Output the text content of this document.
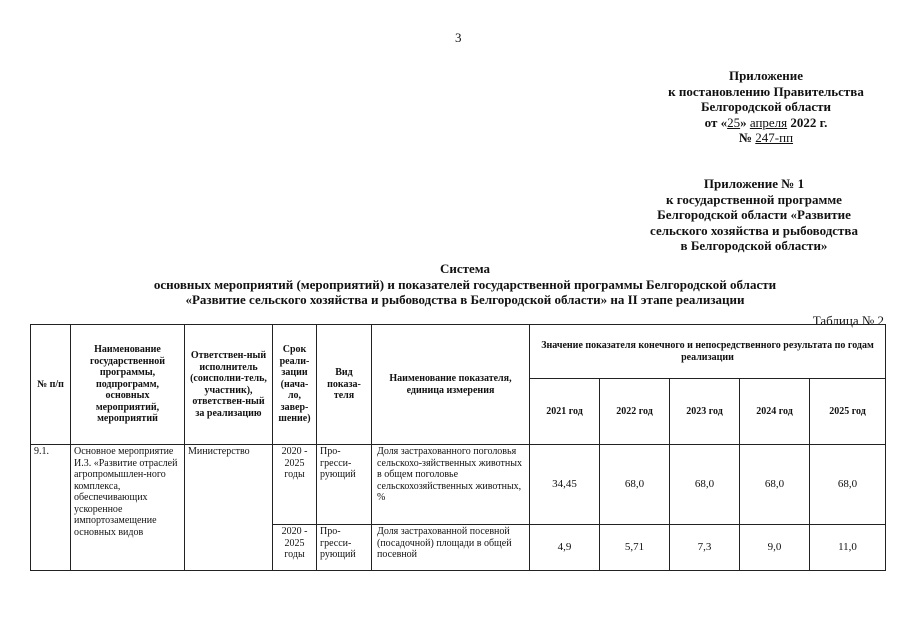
3
Приложение
к постановлению Правительства
Белгородской области
от «25» апреля 2022 г.
№ 247-пп
Приложение № 1
к государственной программе
Белгородской области «Развитие
сельского хозяйства и рыбоводства
в Белгородской области»
Система
основных мероприятий (мероприятий) и показателей государственной программы Белгородской области
«Развитие сельского хозяйства и рыбоводства в Белгородской области» на II этапе реализации
Таблица № 2
№ п/п	Наименование государственной программы, подпрограмм, основных мероприятий, мероприятий	Ответствен-ный исполнитель (соисполни-тель, участник), ответствен-ный за реализацию	Срок реали-зации (нача-ло, завер-шение)	Вид показа-теля	Наименование показателя, единица измерения	Значение показателя конечного и непосредственного результата по годам реализации				
						2021 год	2022 год	2023 год	2024 год	2025 год
9.1.	Основное мероприятие И.3. «Развитие отраслей агропромышлен-ного комплекса, обеспечивающих ускоренное импортозамещение основных видов	Министерство	2020 - 2025 годы	Про-гресси-рующий	Доля застрахованного поголовья сельскохо-зяйственных животных в общем поголовье сельскохозяйственных животных, %	34,45	68,0	68,0	68,0	68,0
			2020 - 2025 годы	Про-гресси-рующий	Доля застрахованной посевной (посадочной) площади в общей посевной	4,9	5,71	7,3	9,0	11,0
